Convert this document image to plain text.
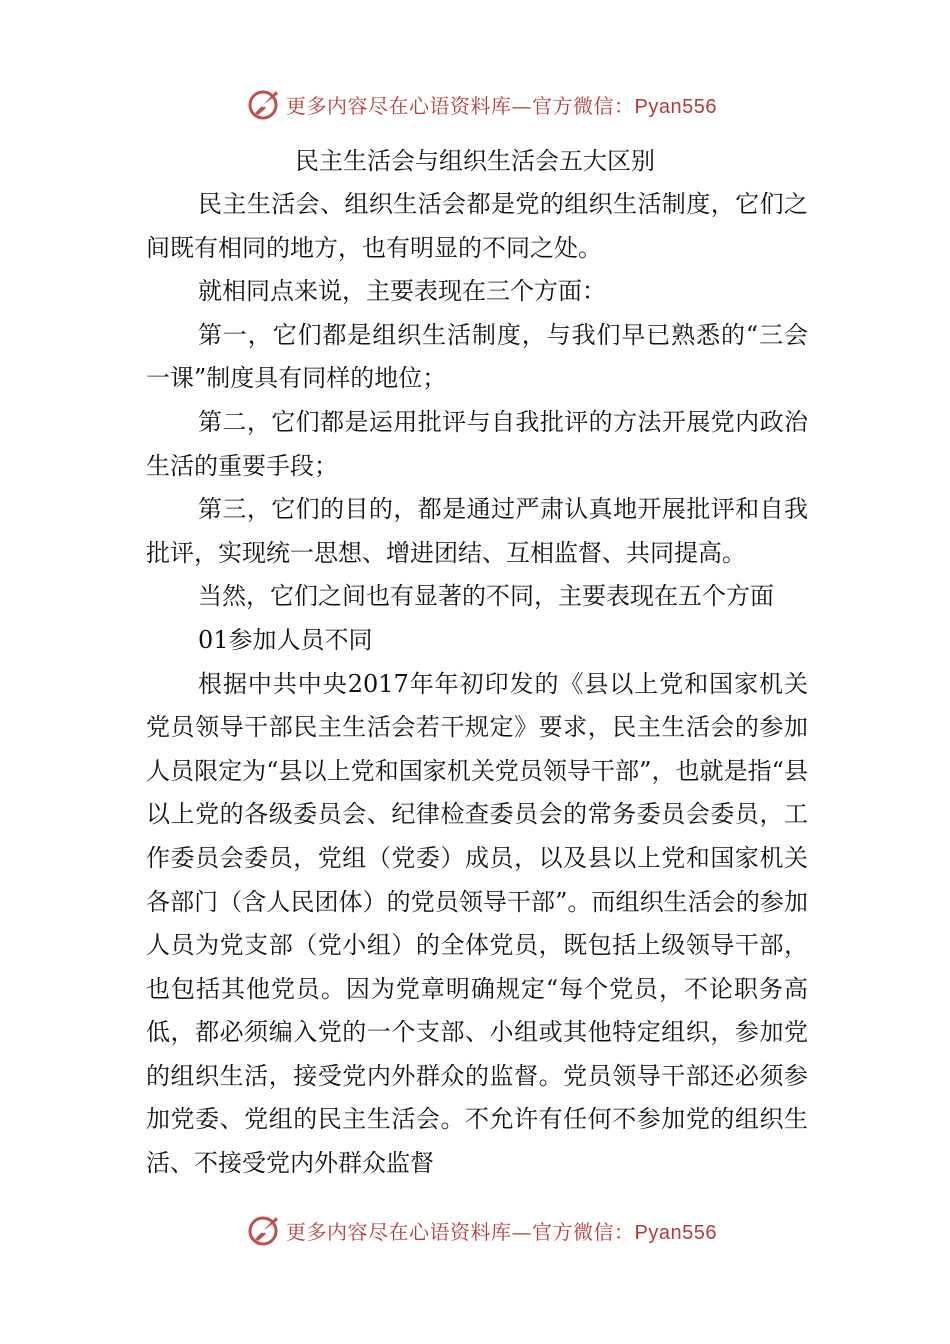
更多内容尽在心语资料库—官方微信：Pyan556
民主生活会与组织生活会五大区别

民主生活会、组织生活会都是党的组织生活制度，它们之间既有相同的地方，也有明显的不同之处。

就相同点来说，主要表现在三个方面：

第一，它们都是组织生活制度，与我们早已熟悉的“三会一课”制度具有同样的地位；

第二，它们都是运用批评与自我批评的方法开展党内政治生活的重要手段；

第三，它们的目的，都是通过严肃认真地开展批评和自我批评，实现统一思想、增进团结、互相监督、共同提高。

当然，它们之间也有显著的不同，主要表现在五个方面

01参加人员不同

根据中共中央2017年年初印发的《县以上党和国家机关党员领导干部民主生活会若干规定》要求，民主生活会的参加人员限定为“县以上党和国家机关党员领导干部”，也就是指“县以上党的各级委员会、纪律检查委员会的常务委员会委员，工作委员会委员，党组（党委）成员，以及县以上党和国家机关各部门（含人民团体）的党员领导干部”。而组织生活会的参加人员为党支部（党小组）的全体党员，既包括上级领导干部，也包括其他党员。因为党章明确规定“每个党员，不论职务高低，都必须编入党的一个支部、小组或其他特定组织，参加党的组织生活，接受党内外群众的监督。党员领导干部还必须参加党委、党组的民主生活会。不允许有任何不参加党的组织生活、不接受党内外群众监督

更多内容尽在心语资料库—官方微信：Pyan556
